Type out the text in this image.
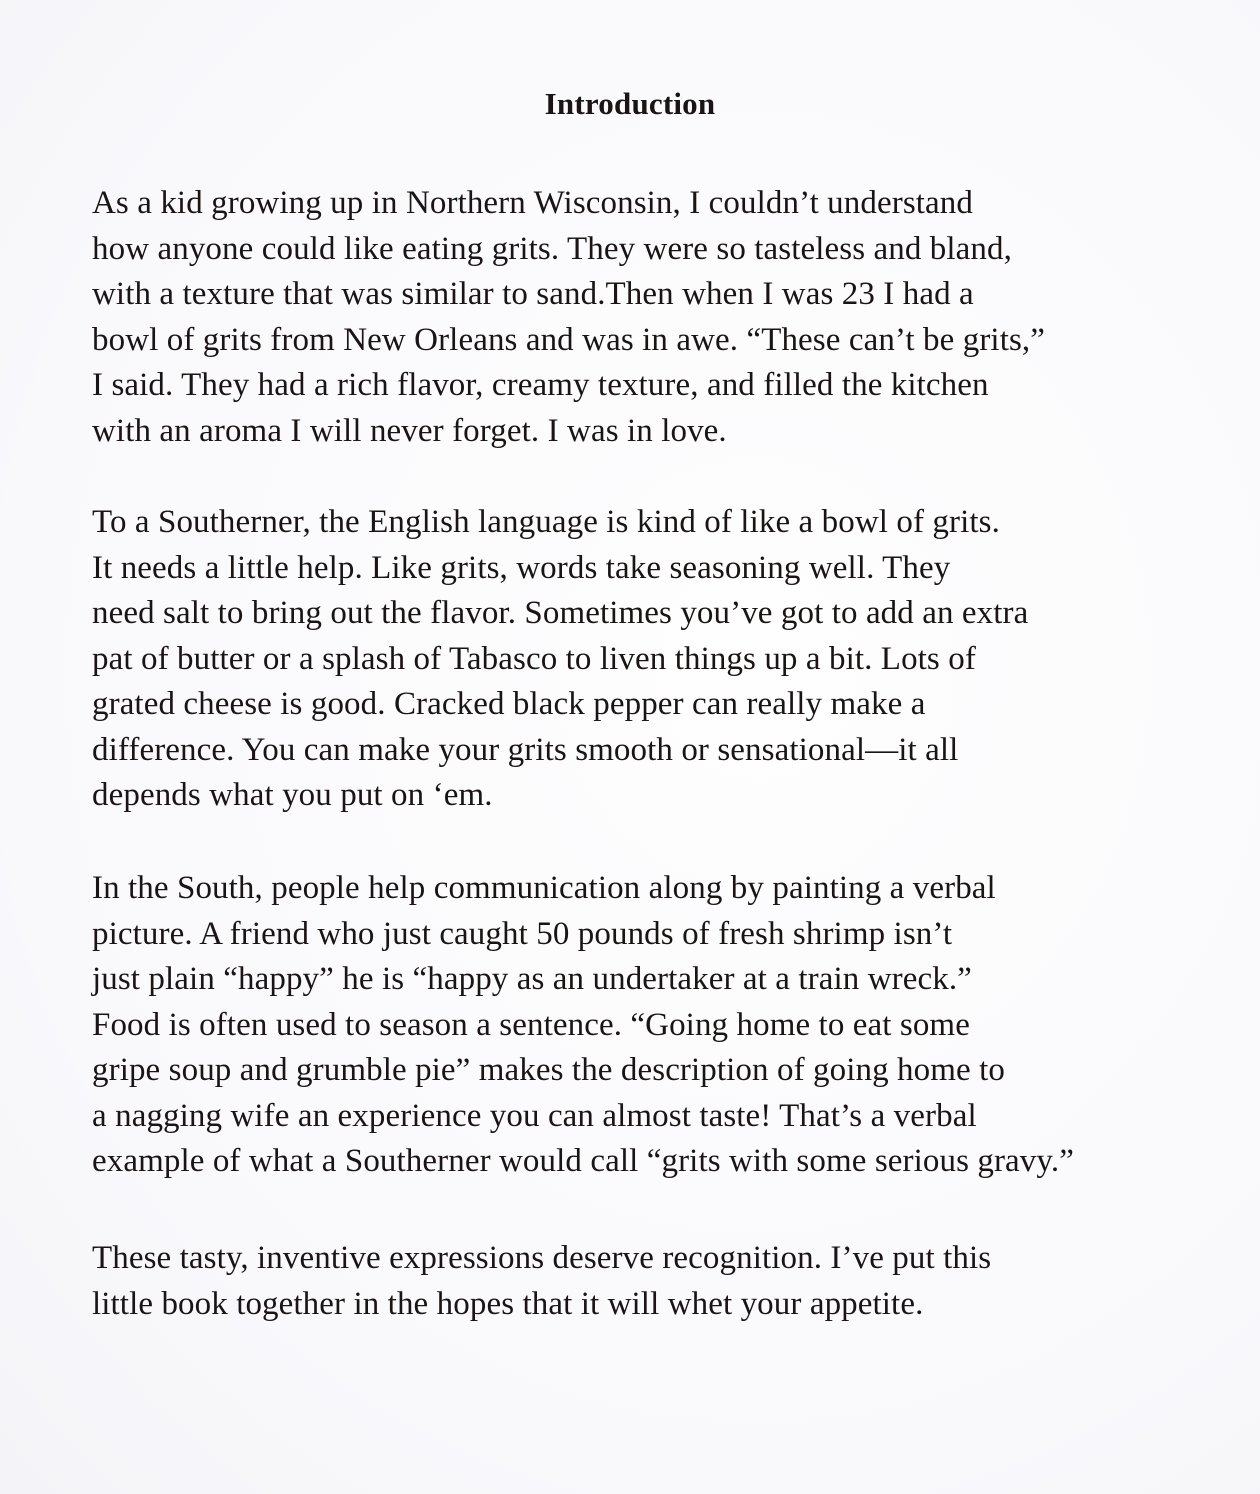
Introduction
As a kid growing up in Northern Wisconsin, I couldn’t understand
how anyone could like eating grits. They were so tasteless and bland,
with a texture that was similar to sand.Then when I was 23 I had a
bowl of grits from New Orleans and was in awe. “These can’t be grits,”
I said. They had a rich flavor, creamy texture, and filled the kitchen
with an aroma I will never forget. I was in love.
To a Southerner, the English language is kind of like a bowl of grits.
It needs a little help. Like grits, words take seasoning well. They
need salt to bring out the flavor. Sometimes you’ve got to add an extra
pat of butter or a splash of Tabasco to liven things up a bit. Lots of
grated cheese is good. Cracked black pepper can really make a
difference. You can make your grits smooth or sensational—it all
depends what you put on ‘em.
In the South, people help communication along by painting a verbal
picture. A friend who just caught 50 pounds of fresh shrimp isn’t
just plain “happy” he is “happy as an undertaker at a train wreck.”
Food is often used to season a sentence. “Going home to eat some
gripe soup and grumble pie” makes the description of going home to
a nagging wife an experience you can almost taste! That’s a verbal
example of what a Southerner would call “grits with some serious gravy.”
These tasty, inventive expressions deserve recognition. I’ve put this
little book together in the hopes that it will whet your appetite.
